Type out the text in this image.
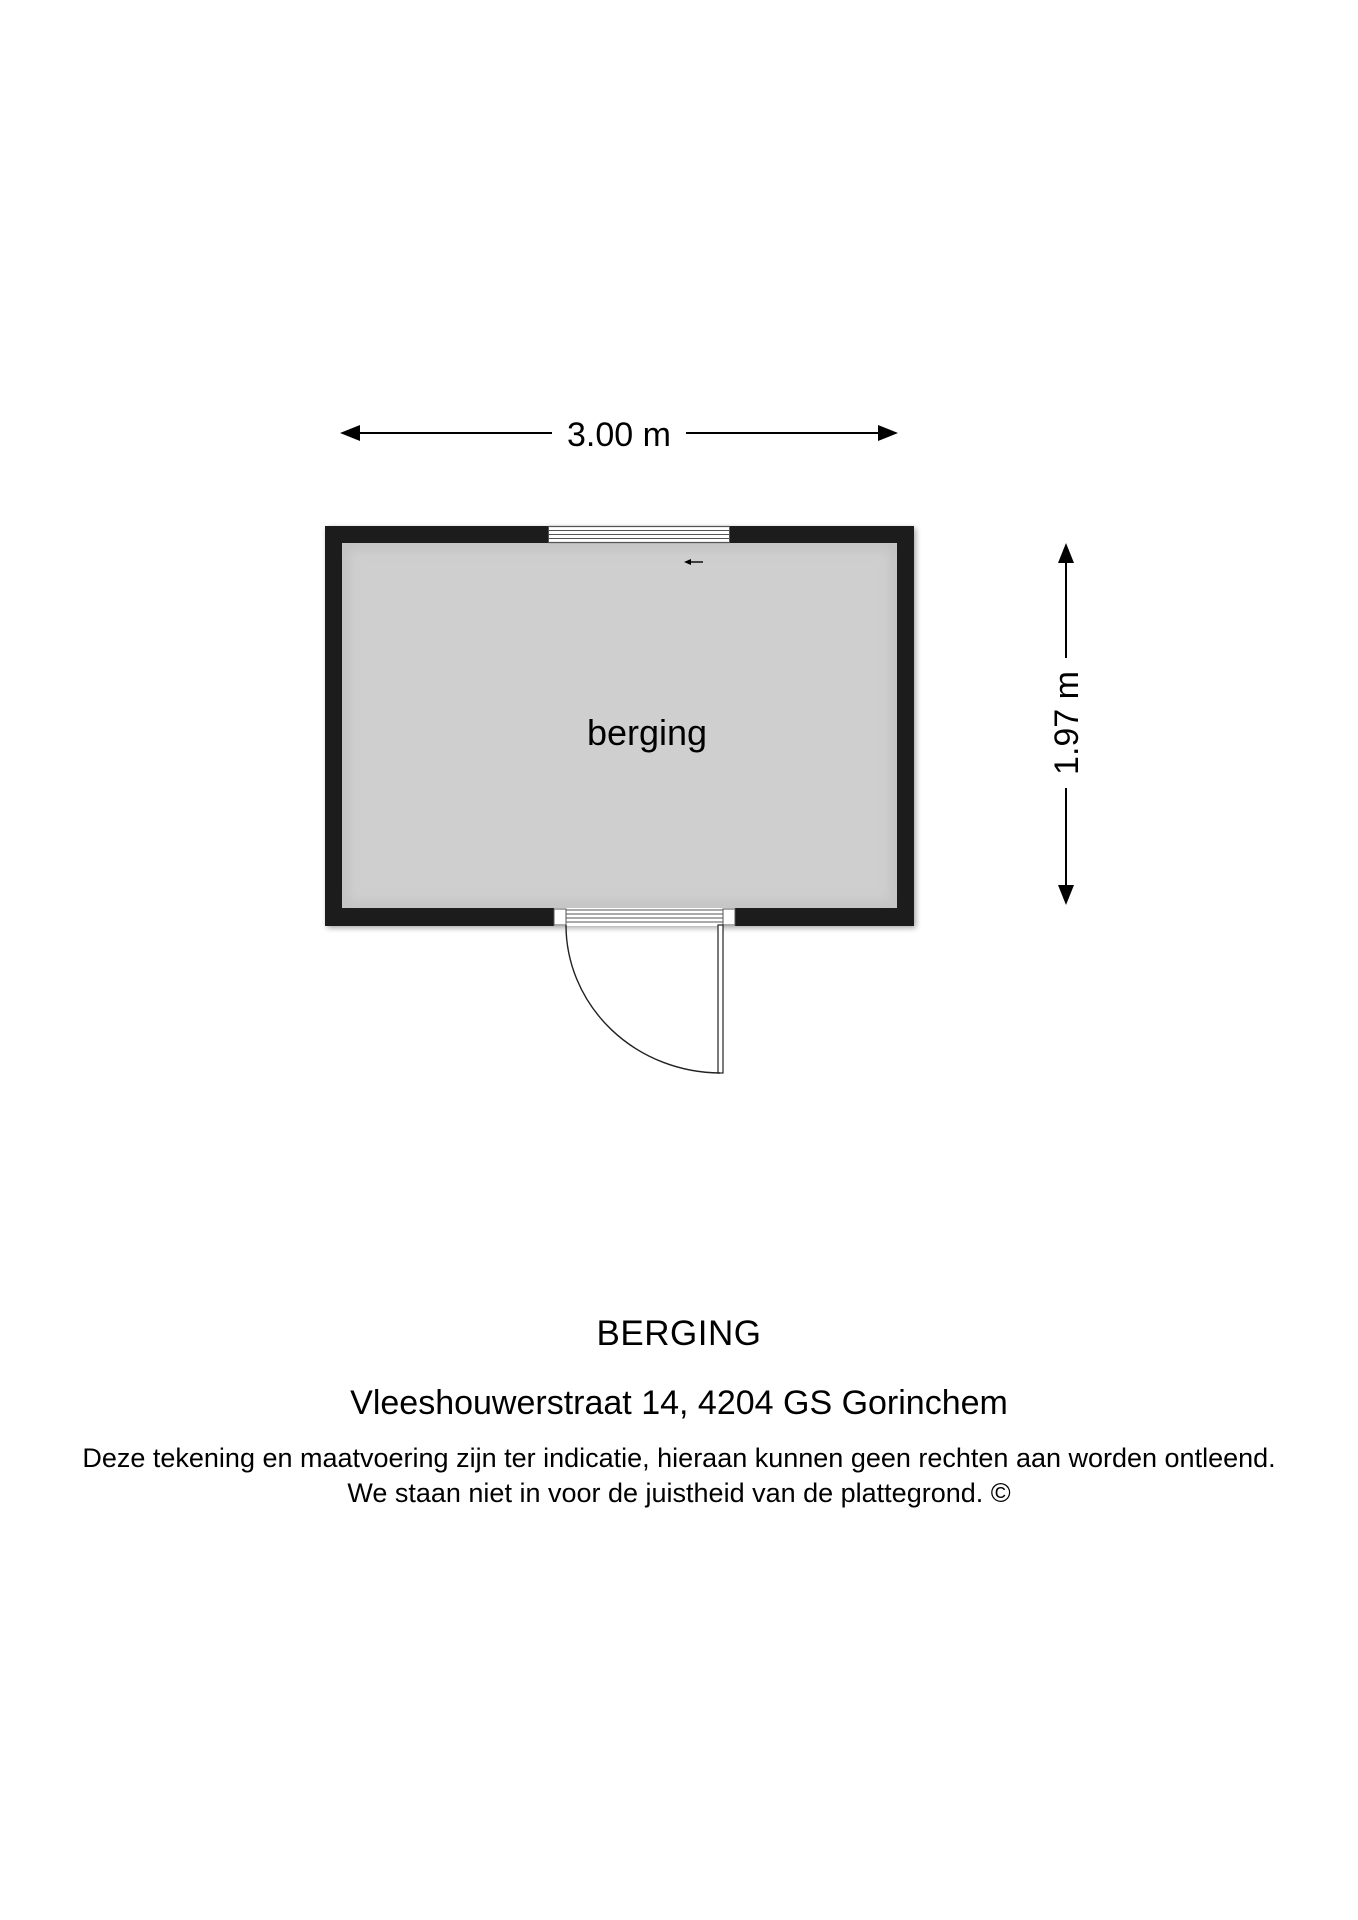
3.00 m
1.97 m
berging
BERGING
Vleeshouwerstraat 14, 4204 GS Gorinchem
Deze tekening en maatvoering zijn ter indicatie, hieraan kunnen geen rechten aan worden ontleend.
We staan niet in voor de juistheid van de plattegrond. ©
